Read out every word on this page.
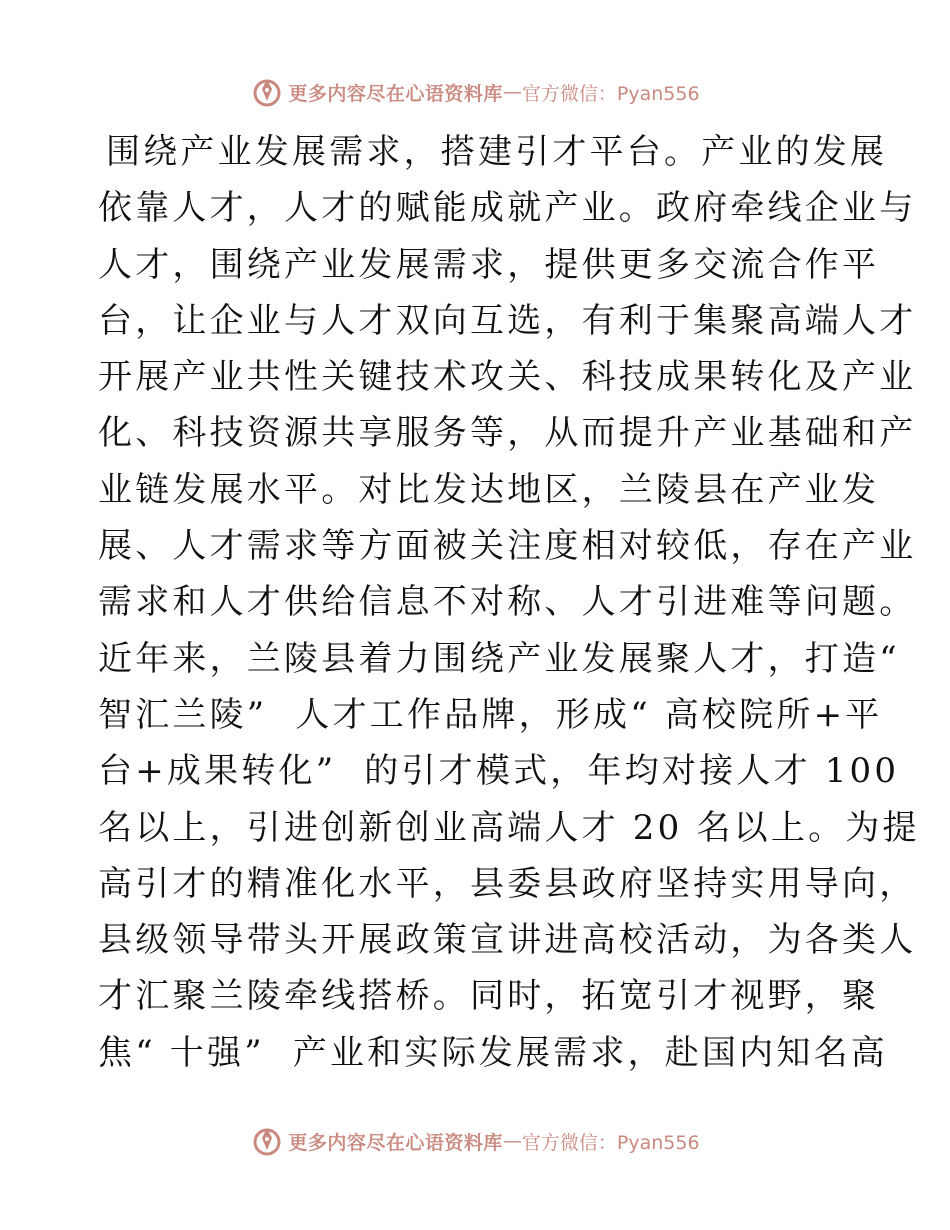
更多内容尽在心语资料库 — 官方微信：Pyan556
围绕产业发展需求，搭建引才平台。产业的发展
依靠人才，人才的赋能成就产业。政府牵线企业与
人才，围绕产业发展需求，提供更多交流合作平
台，让企业与人才双向互选，有利于集聚高端人才
开展产业共性关键技术攻关、科技成果转化及产业
化、科技资源共享服务等，从而提升产业基础和产
业链发展水平。对比发达地区，兰陵县在产业发
展、人才需求等方面被关注度相对较低，存在产业
需求和人才供给信息不对称、人才引进难等问题。
近年来，兰陵县着力围绕产业发展聚人才，打造“
智汇兰陵”  人才工作品牌，形成“ 高校院所+平
台+成果转化”  的引才模式，年均对接人才 100
名以上，引进创新创业高端人才 20 名以上。为提
高引才的精准化水平，县委县政府坚持实用导向，
县级领导带头开展政策宣讲进高校活动，为各类人
才汇聚兰陵牵线搭桥。同时，拓宽引才视野，聚
焦“ 十强”  产业和实际发展需求，赴国内知名高
更多内容尽在心语资料库 — 官方微信：Pyan556
